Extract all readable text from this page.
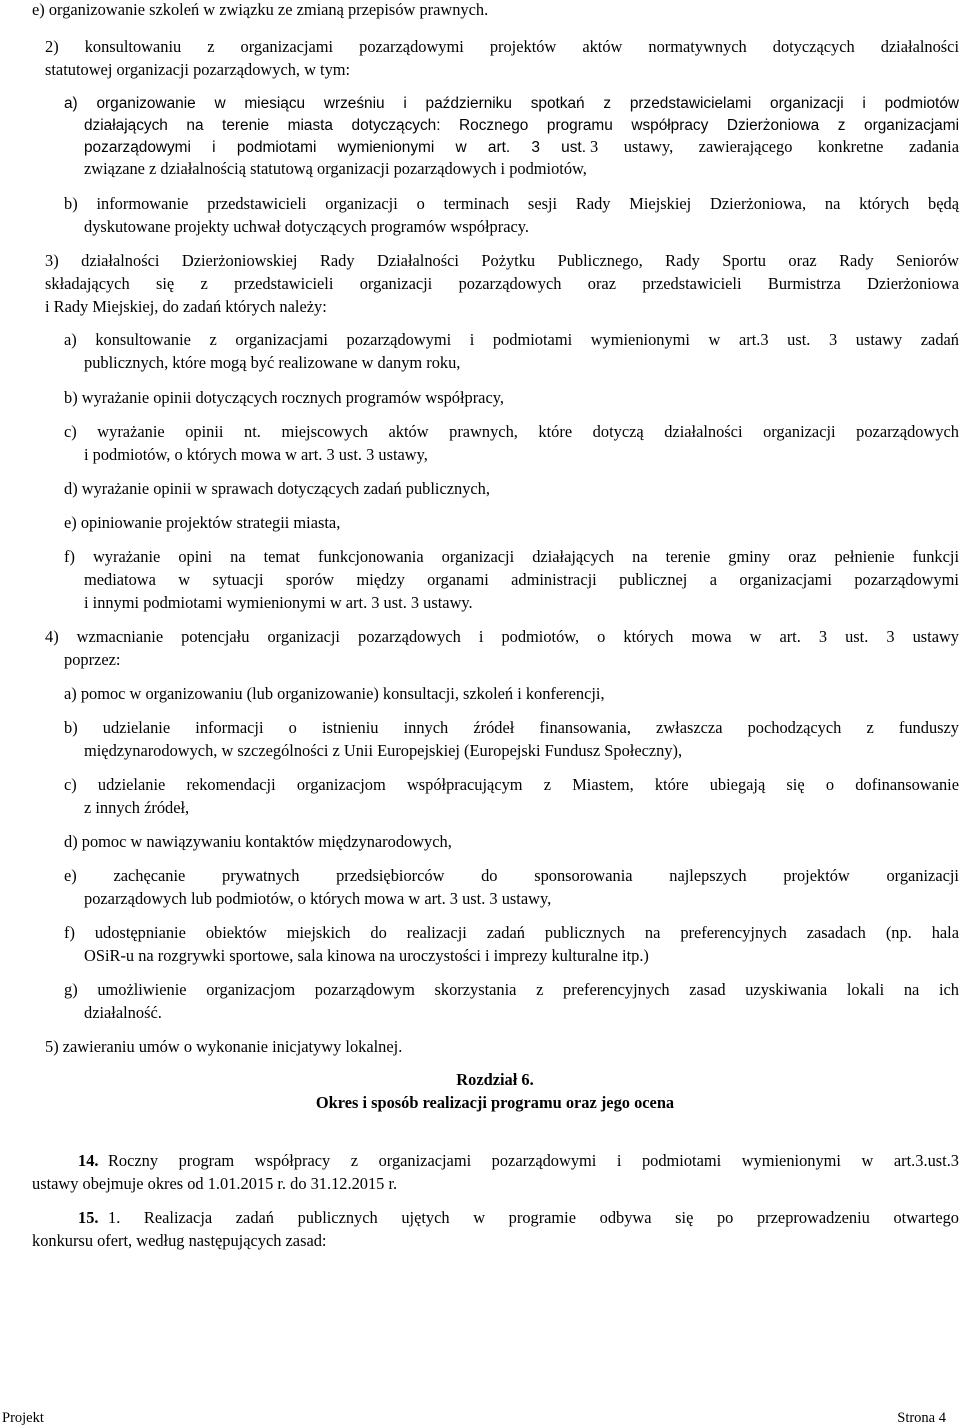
e) organizowanie szkoleń w związku ze zmianą przepisów prawnych.
2) konsultowaniu z organizacjami pozarządowymi projektów aktów normatywnych dotyczących działalności
statutowej organizacji pozarządowych, w tym:
a) organizowanie w miesiącu wrześniu i październiku spotkań z przedstawicielami organizacji i podmiotów
działających na terenie miasta dotyczących: Rocznego programu współpracy Dzierżoniowa z organizacjami
pozarządowymi i podmiotami wymienionymi w art. 3 ust. 3 ustawy, zawierającego konkretne zadania
związane z działalnością statutową organizacji pozarządowych i podmiotów,
b) informowanie przedstawicieli organizacji o terminach sesji Rady Miejskiej Dzierżoniowa, na których będą
dyskutowane projekty uchwał dotyczących programów współpracy.
3) działalności Dzierżoniowskiej Rady Działalności Pożytku Publicznego, Rady Sportu oraz Rady Seniorów
składających się z przedstawicieli organizacji pozarządowych oraz przedstawicieli Burmistrza Dzierżoniowa
i Rady Miejskiej, do zadań których należy:
a) konsultowanie z organizacjami pozarządowymi i podmiotami wymienionymi w art.3 ust. 3 ustawy zadań
publicznych, które mogą być realizowane w danym roku,
b) wyrażanie opinii dotyczących rocznych programów współpracy,
c) wyrażanie opinii nt. miejscowych aktów prawnych, które dotyczą działalności organizacji pozarządowych
i podmiotów, o których mowa w art. 3 ust. 3 ustawy,
d) wyrażanie opinii w sprawach dotyczących zadań publicznych,
e) opiniowanie projektów strategii miasta,
f) wyrażanie opini na temat funkcjonowania organizacji działających na terenie gminy oraz pełnienie funkcji
mediatowa w sytuacji sporów między organami administracji publicznej a organizacjami pozarządowymi
i innymi podmiotami wymienionymi w art. 3 ust. 3 ustawy.
4) wzmacnianie potencjału organizacji pozarządowych i podmiotów, o których mowa w art. 3 ust. 3 ustawy
poprzez:
a) pomoc w organizowaniu (lub organizowanie) konsultacji, szkoleń i konferencji,
b) udzielanie informacji o istnieniu innych źródeł finansowania, zwłaszcza pochodzących z funduszy
międzynarodowych, w szczególności z Unii Europejskiej (Europejski Fundusz Społeczny),
c) udzielanie rekomendacji organizacjom współpracującym z Miastem, które ubiegają się o dofinansowanie
z innych źródeł,
d) pomoc w nawiązywaniu kontaktów międzynarodowych,
e) zachęcanie prywatnych przedsiębiorców do sponsorowania najlepszych projektów organizacji
pozarządowych lub podmiotów, o których mowa w art. 3 ust. 3 ustawy,
f) udostępnianie obiektów miejskich do realizacji zadań publicznych na preferencyjnych zasadach (np. hala
OSiR-u na rozgrywki sportowe, sala kinowa na uroczystości i imprezy kulturalne itp.)
g) umożliwienie organizacjom pozarządowym skorzystania z preferencyjnych zasad uzyskiwania lokali na ich
działalność.
5) zawieraniu umów o wykonanie inicjatywy lokalnej.
Rozdział 6.
Okres i sposób realizacji programu oraz jego ocena
14. Roczny program współpracy z organizacjami pozarządowymi i podmiotami wymienionymi w art.3.ust.3
ustawy obejmuje okres od 1.01.2015 r. do 31.12.2015 r.
15. 1. Realizacja zadań publicznych ujętych w programie odbywa się po przeprowadzeniu otwartego
konkursu ofert, według następujących zasad:
Projekt	Strona 4
